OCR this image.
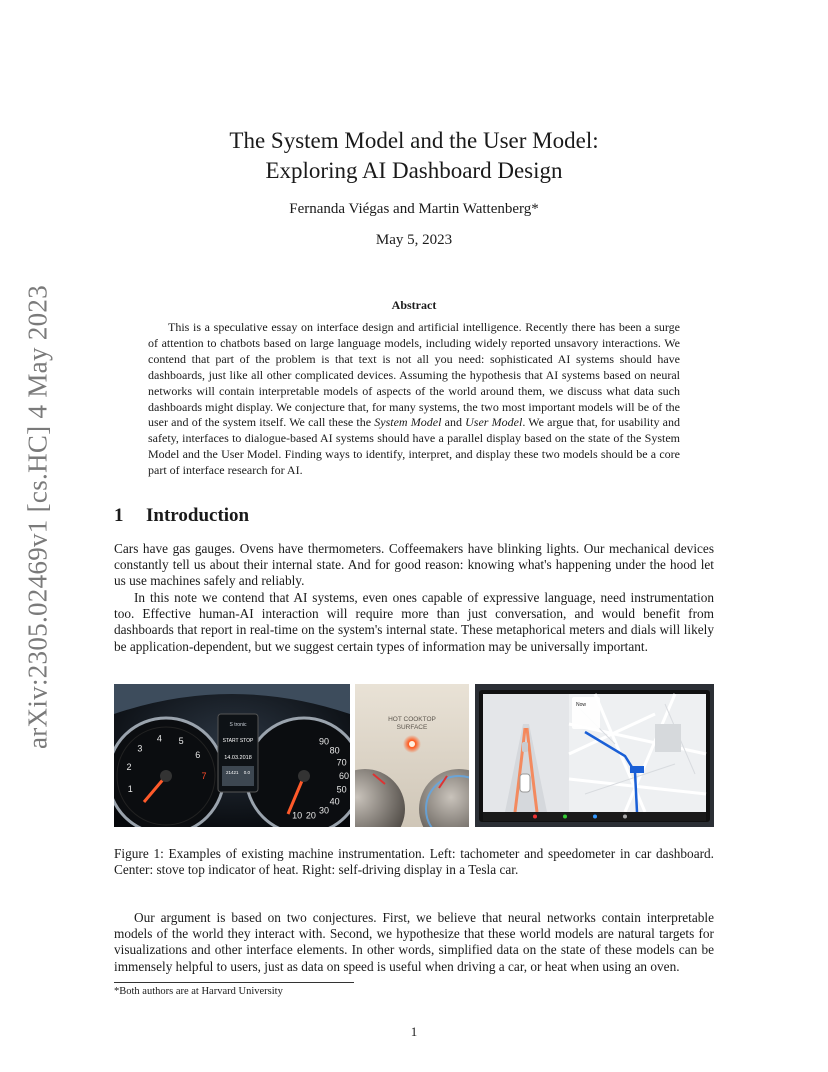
arXiv:2305.02469v1 [cs.HC] 4 May 2023
The System Model and the User Model:
Exploring AI Dashboard Design
Fernanda Viégas and Martin Wattenberg*
May 5, 2023
Abstract

This is a speculative essay on interface design and artificial intelligence. Recently there has been a surge of attention to chatbots based on large language models, including widely reported unsavory interactions. We contend that part of the problem is that text is not all you need: sophisticated AI systems should have dashboards, just like all other complicated devices. Assuming the hypothesis that AI systems based on neural networks will contain interpretable models of aspects of the world around them, we discuss what data such dashboards might display. We conjecture that, for many systems, the two most important models will be of the user and of the system itself. We call these the System Model and User Model. We argue that, for usability and safety, interfaces to dialogue-based AI systems should have a parallel display based on the state of the System Model and the User Model. Finding ways to identify, interpret, and display these two models should be a core part of interface research for AI.

1 Introduction

Cars have gas gauges. Ovens have thermometers. Coffeemakers have blinking lights. Our mechanical devices constantly tell us about their internal state. And for good reason: knowing what's happening under the hood let us use machines safely and reliably.

In this note we contend that AI systems, even ones capable of expressive language, need instrumentation too. Effective human-AI interaction will require more than just conversation, and would benefit from dashboards that report in real-time on the system's internal state. These metaphorical meters and dials will likely be application-dependent, but we suggest certain types of information may be universally important.

1
2
3
4 5
6
7
10 20 30
40
50
60
70
80
90
S tronic
START STOP
14.03.2018
21421 0.0
HOT COOKTOP
SURFACE
Now

Figure 1: Examples of existing machine instrumentation. Left: tachometer and speedometer in car dashboard. Center: stove top indicator of heat. Right: self-driving display in a Tesla car.

Our argument is based on two conjectures. First, we believe that neural networks contain interpretable models of the world they interact with. Second, we hypothesize that these world models are natural targets for visualizations and other interface elements. In other words, simplified data on the state of these models can be immensely helpful to users, just as data on speed is useful when driving a car, or heat when using an oven.

*Both authors are at Harvard University
1
